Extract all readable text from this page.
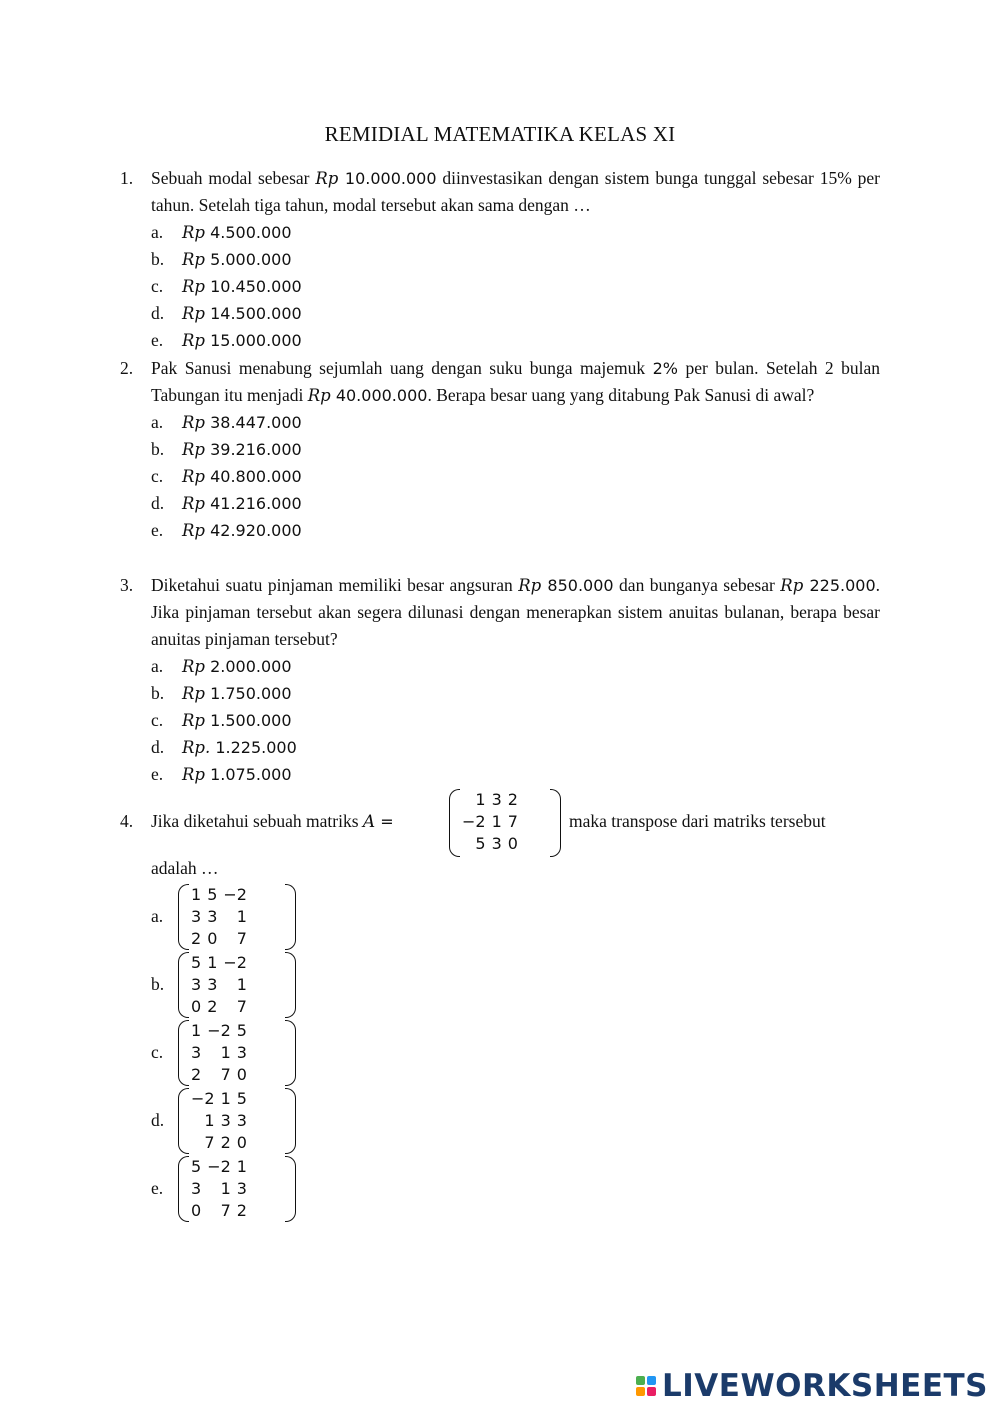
REMIDIAL MATEMATIKA KELAS XI
1. Sebuah modal sebesar Rp 10.000.000 diinvestasikan dengan sistem bunga tunggal sebesar 15% per tahun. Setelah tiga tahun, modal tersebut akan sama dengan …
a. Rp 4.500.000
b. Rp 5.000.000
c. Rp 10.450.000
d. Rp 14.500.000
e. Rp 15.000.000
2. Pak Sanusi menabung sejumlah uang dengan suku bunga majemuk 2% per bulan. Setelah 2 bulan Tabungan itu menjadi Rp 40.000.000. Berapa besar uang yang ditabung Pak Sanusi di awal?
a. Rp 38.447.000
b. Rp 39.216.000
c. Rp 40.800.000
d. Rp 41.216.000
e. Rp 42.920.000
3. Diketahui suatu pinjaman memiliki besar angsuran Rp 850.000 dan bunganya sebesar Rp 225.000. Jika pinjaman tersebut akan segera dilunasi dengan menerapkan sistem anuitas bulanan, berapa besar anuitas pinjaman tersebut?
a. Rp 2.000.000
b. Rp 1.750.000
c. Rp 1.500.000
d. Rp. 1.225.000
e. Rp 1.075.000
4. Jika diketahui sebuah matriks A =
1	3	2
−2	1	7
5	3	0
maka transpose dari matriks tersebut
adalah …
a.
1	5	−2
3	3	1
2	0	7
b.
5	1	−2
3	3	1
0	2	7
c.
1	−2	5
3	1	3
2	7	0
d.
−2	1	5
1	3	3
7	2	0
e.
5	−2	1
3	1	3
0	7	2
LIVEWORKSHEETS
